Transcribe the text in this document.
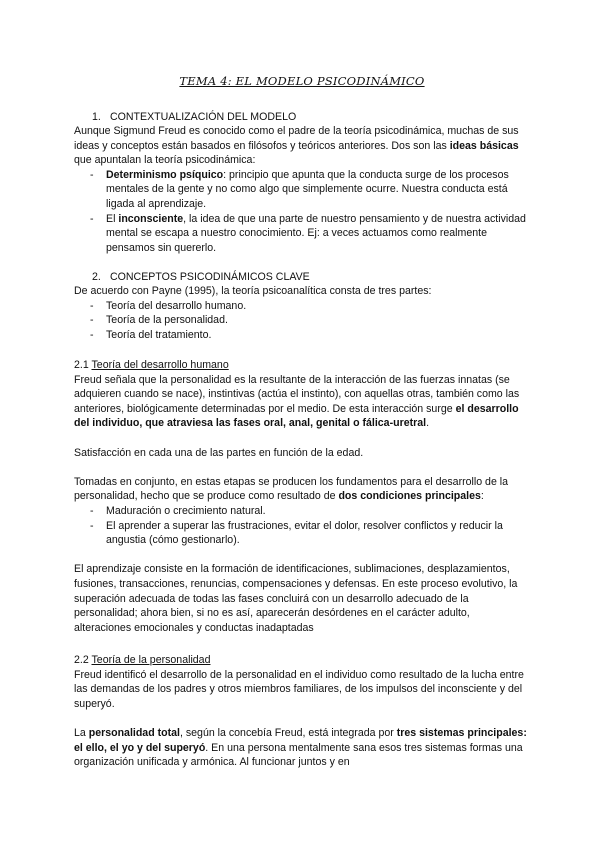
TEMA 4: EL MODELO PSICODINÁMICO
1. CONTEXTUALIZACIÓN DEL MODELO

Aunque Sigmund Freud es conocido como el padre de la teoría psicodinámica, muchas de sus ideas y conceptos están basados en filósofos y teóricos anteriores. Dos son las ideas básicas que apuntalan la teoría psicodinámica:

- Determinismo psíquico: principio que apunta que la conducta surge de los procesos mentales de la gente y no como algo que simplemente ocurre. Nuestra conducta está ligada al aprendizaje.
- El inconsciente, la idea de que una parte de nuestro pensamiento y de nuestra actividad mental se escapa a nuestro conocimiento. Ej: a veces actuamos como realmente pensamos sin quererlo.
2. CONCEPTOS PSICODINÁMICOS CLAVE

De acuerdo con Payne (1995), la teoría psicoanalítica consta de tres partes:

- Teoría del desarrollo humano.
- Teoría de la personalidad.
- Teoría del tratamiento.

2.1 Teoría del desarrollo humano

Freud señala que la personalidad es la resultante de la interacción de las fuerzas innatas (se adquieren cuando se nace), instintivas (actúa el instinto), con aquellas otras, también como las anteriores, biológicamente determinadas por el medio. De esta interacción surge el desarrollo del individuo, que atraviesa las fases oral, anal, genital o fálica-uretral.

Satisfacción en cada una de las partes en función de la edad.

Tomadas en conjunto, en estas etapas se producen los fundamentos para el desarrollo de la personalidad, hecho que se produce como resultado de dos condiciones principales:

- Maduración o crecimiento natural.
- El aprender a superar las frustraciones, evitar el dolor, resolver conflictos y reducir la angustia (cómo gestionarlo).

El aprendizaje consiste en la formación de identificaciones, sublimaciones, desplazamientos, fusiones, transacciones, renuncias, compensaciones y defensas. En este proceso evolutivo, la superación adecuada de todas las fases concluirá con un desarrollo adecuado de la personalidad; ahora bien, si no es así, aparecerán desórdenes en el carácter adulto, alteraciones emocionales y conductas inadaptadas

2.2 Teoría de la personalidad

Freud identificó el desarrollo de la personalidad en el individuo como resultado de la lucha entre las demandas de los padres y otros miembros familiares, de los impulsos del inconsciente y del superyó.

La personalidad total, según la concebía Freud, está integrada por tres sistemas principales: el ello, el yo y del superyó. En una persona mentalmente sana esos tres sistemas formas una organización unificada y armónica. Al funcionar juntos y en
